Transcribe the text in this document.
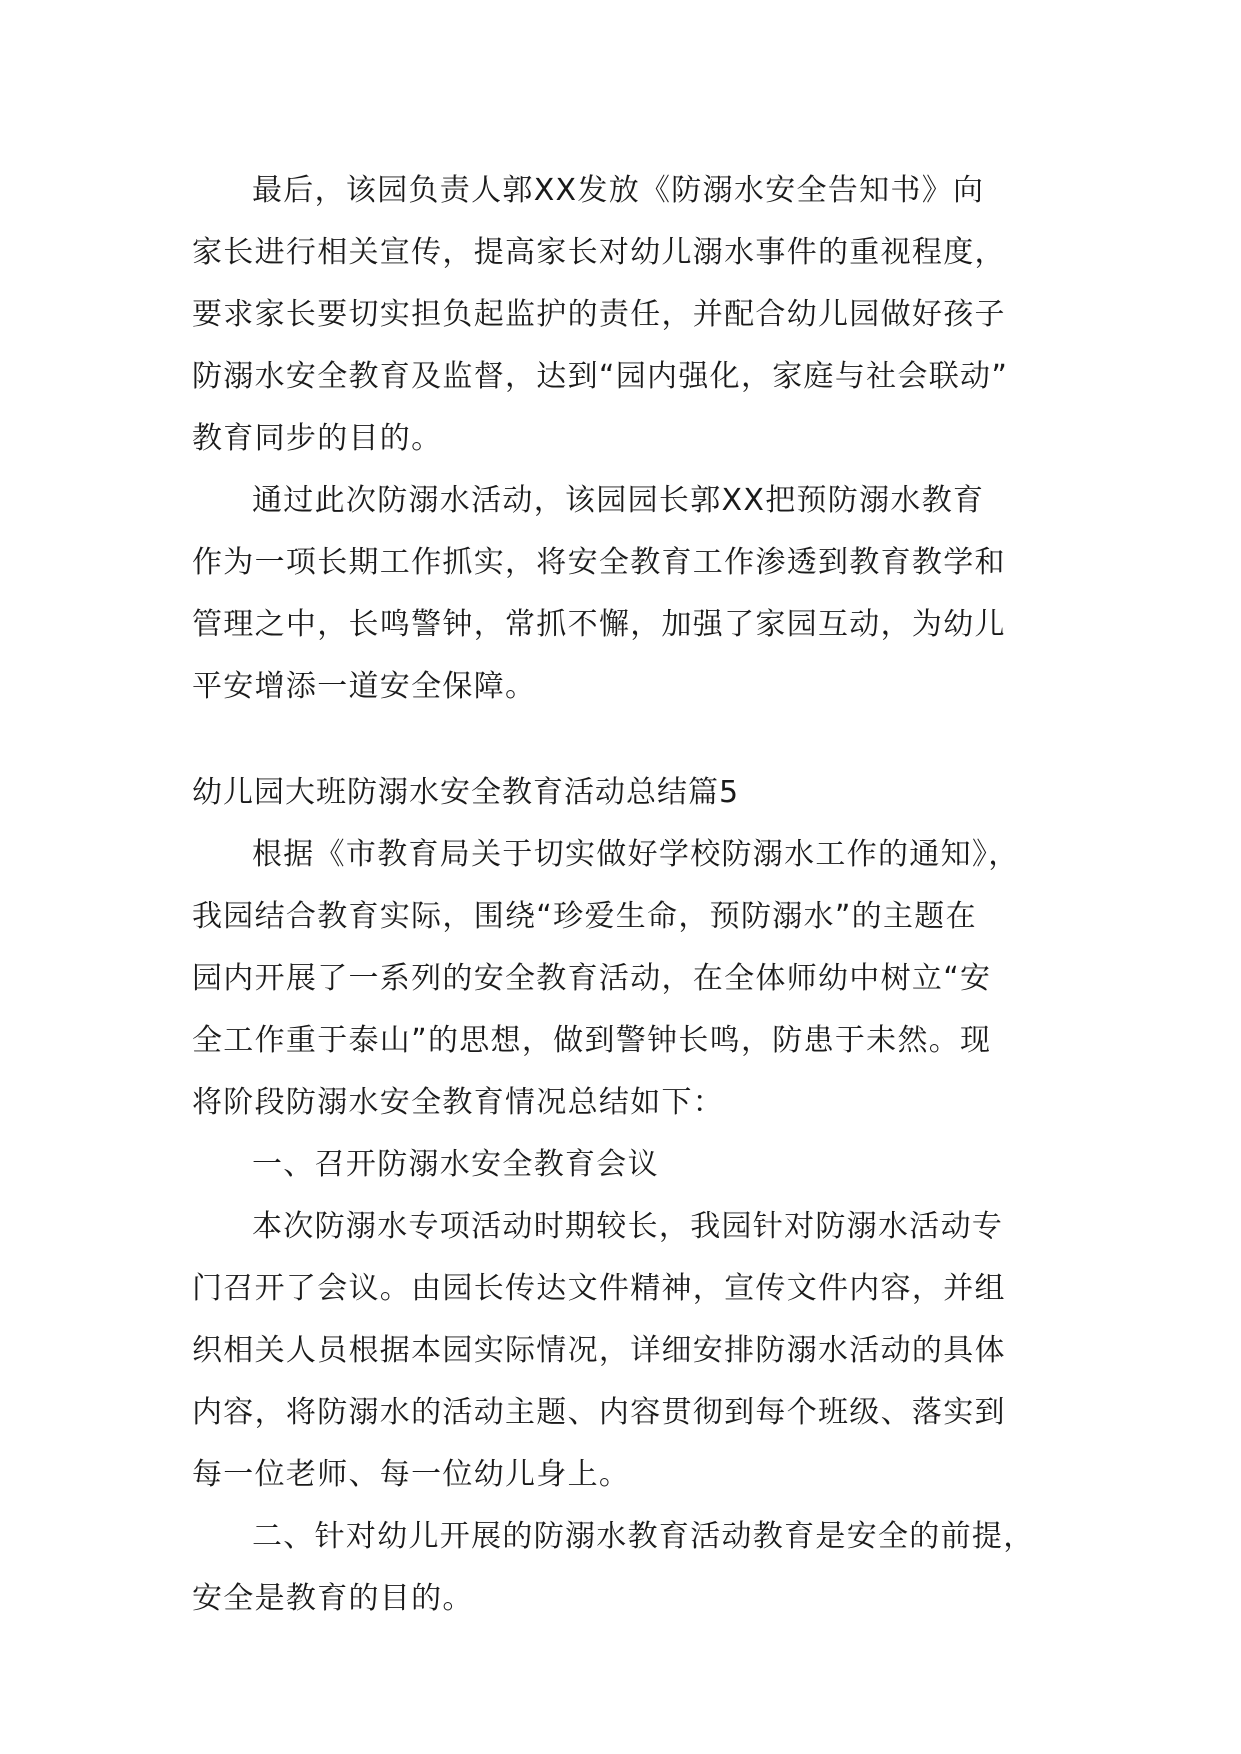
最后，该园负责人郭XX发放《防溺水安全告知书》向
家长进行相关宣传，提高家长对幼儿溺水事件的重视程度，
要求家长要切实担负起监护的责任，并配合幼儿园做好孩子
防溺水安全教育及监督，达到“园内强化，家庭与社会联动”
教育同步的目的。

通过此次防溺水活动，该园园长郭XX把预防溺水教育
作为一项长期工作抓实，将安全教育工作渗透到教育教学和
管理之中，长鸣警钟，常抓不懈，加强了家园互动，为幼儿
平安增添一道安全保障。

幼儿园大班防溺水安全教育活动总结篇5

根据《市教育局关于切实做好学校防溺水工作的通知》，
我园结合教育实际，围绕“珍爱生命，预防溺水”的主题在
园内开展了一系列的安全教育活动，在全体师幼中树立“安
全工作重于泰山”的思想，做到警钟长鸣，防患于未然。现
将阶段防溺水安全教育情况总结如下：

一、召开防溺水安全教育会议

本次防溺水专项活动时期较长，我园针对防溺水活动专
门召开了会议。由园长传达文件精神，宣传文件内容，并组
织相关人员根据本园实际情况，详细安排防溺水活动的具体
内容，将防溺水的活动主题、内容贯彻到每个班级、落实到
每一位老师、每一位幼儿身上。

二、针对幼儿开展的防溺水教育活动教育是安全的前提，
安全是教育的目的。
